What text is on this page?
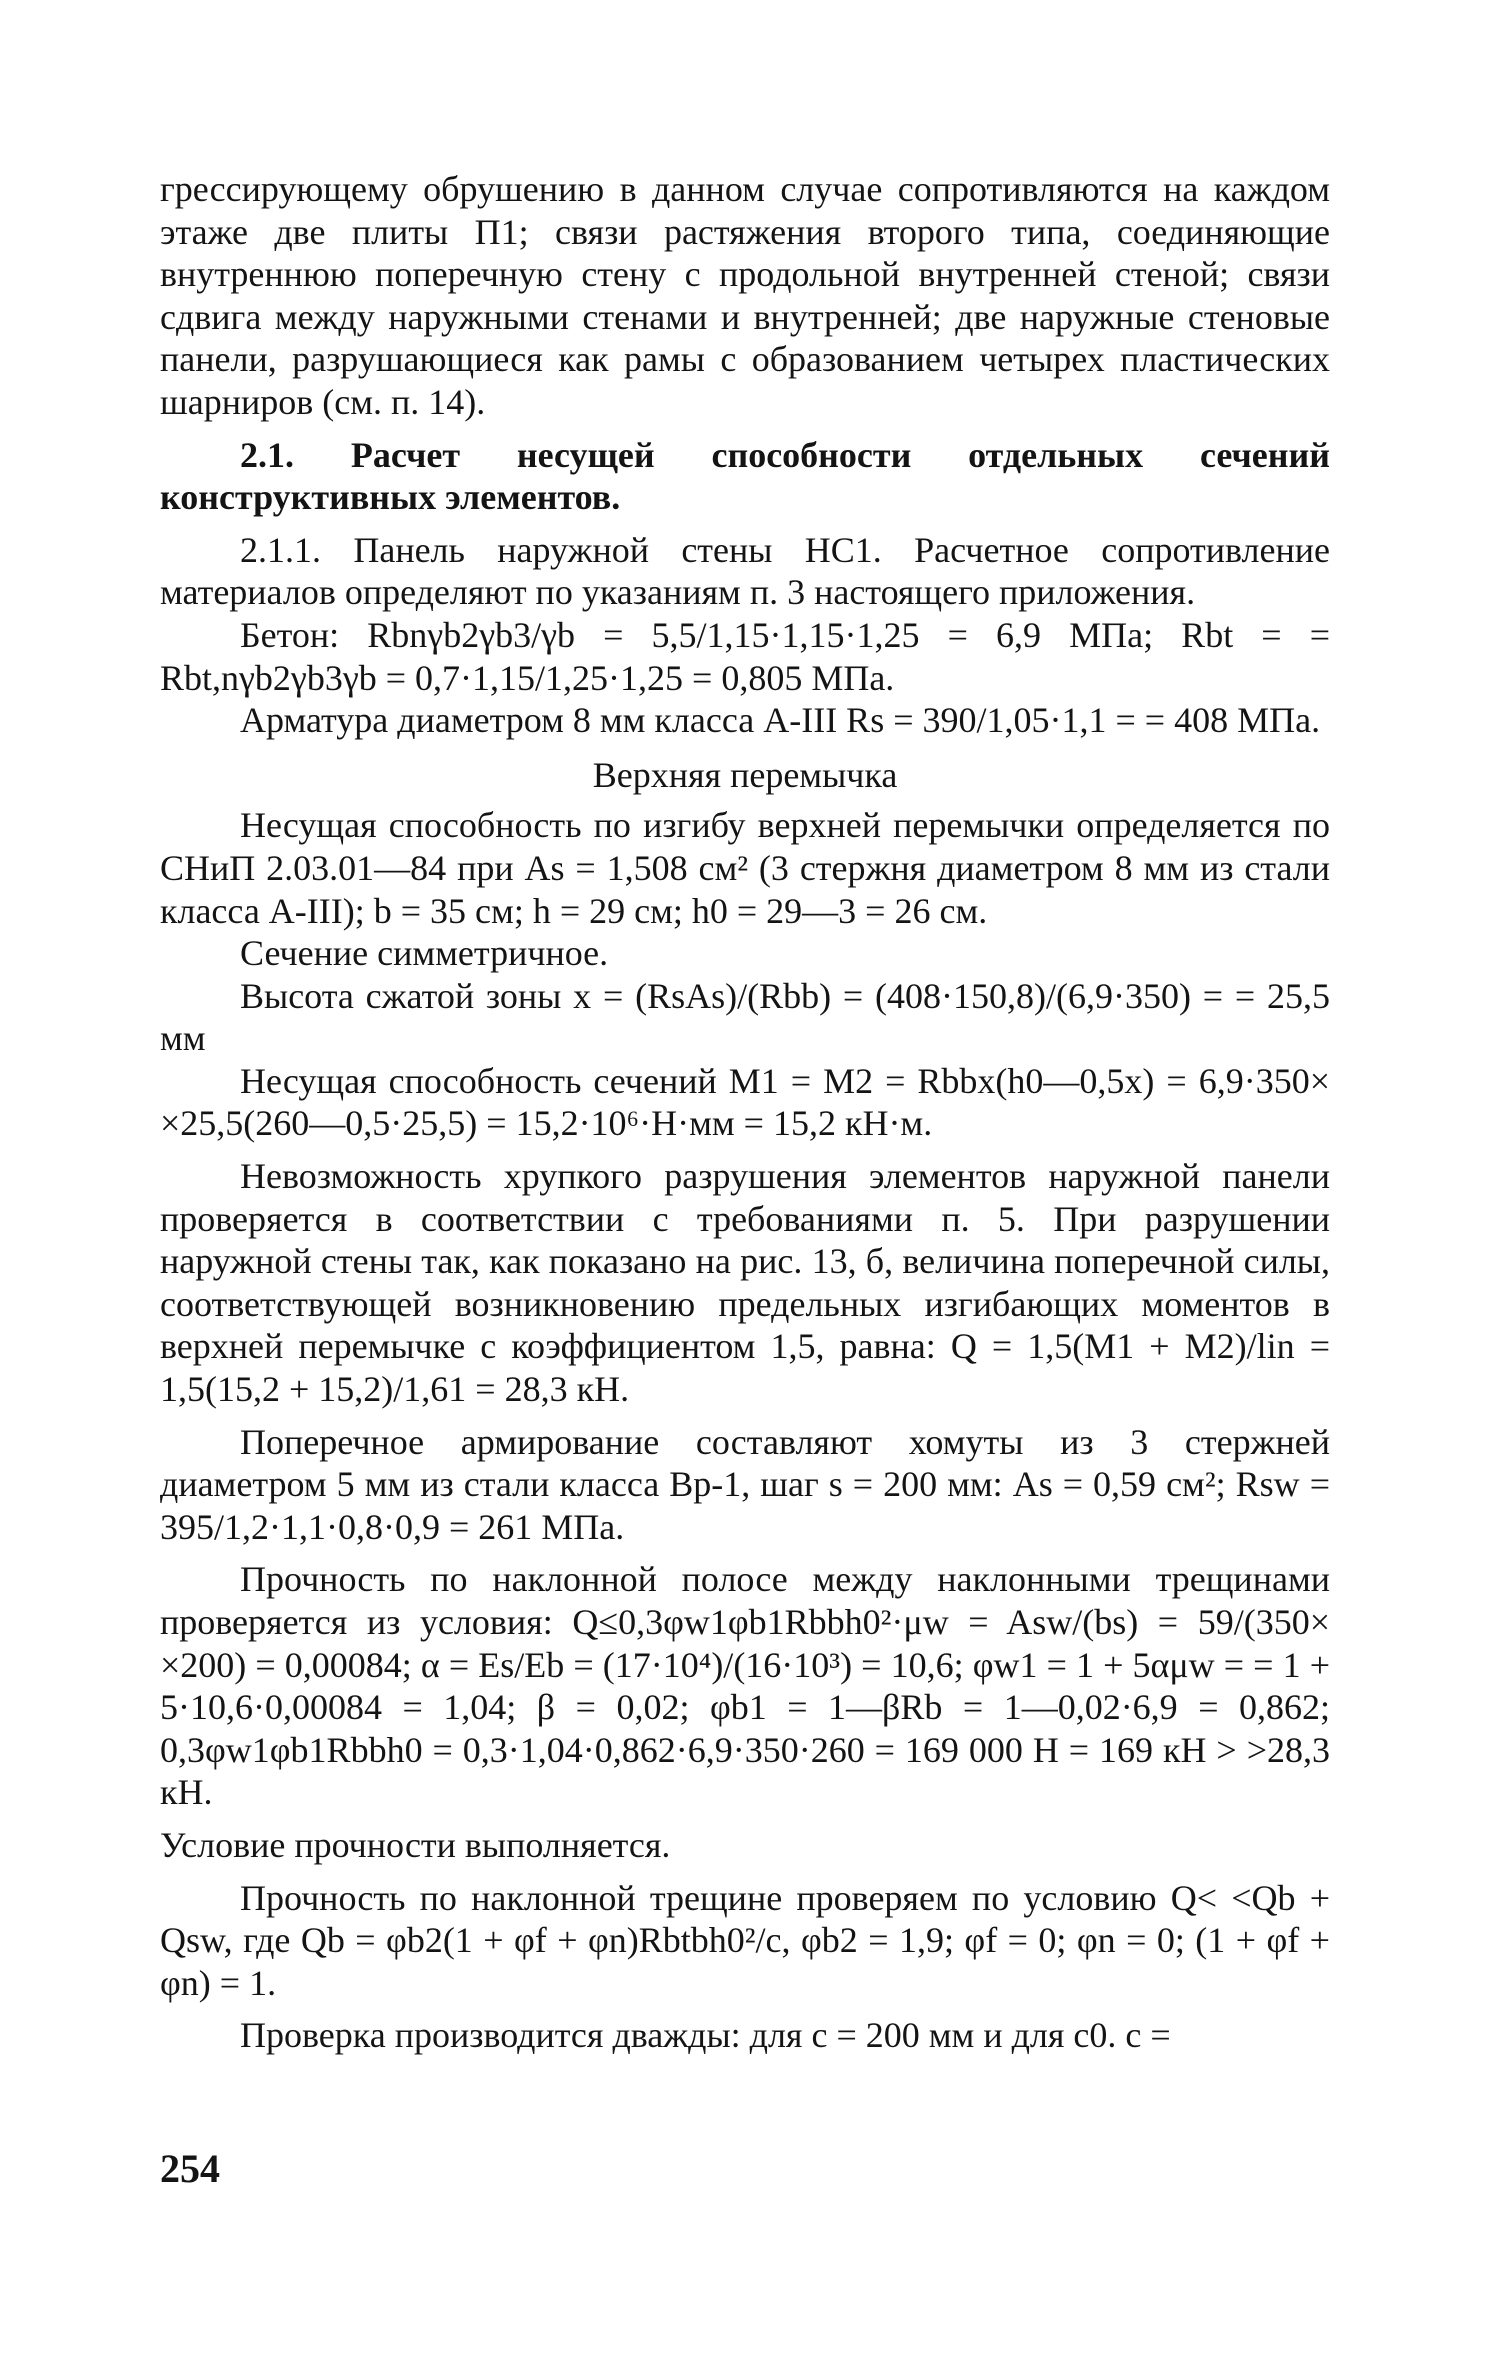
грессирующему обрушению в данном случае сопротивляются на каждом этаже две плиты П1; связи растяжения второго типа, соединяющие внутреннюю поперечную стену с продольной внутренней стеной; связи сдвига между наружными стенами и внутренней; две наружные стеновые панели, разрушающиеся как рамы с образованием четырех пластических шарниров (см. п. 14).

2.1. Расчет несущей способности отдельных сечений конструктивных элементов.

2.1.1. Панель наружной стены НС1. Расчетное сопротивление материалов определяют по указаниям п. 3 настоящего приложения.

Бетон: Rbnγb2γb3/γb = 5,5/1,15·1,15·1,25 = 6,9 МПа; Rbt = = Rbt,nγb2γb3γb = 0,7·1,15/1,25·1,25 = 0,805 МПа.

Арматура диаметром 8 мм класса А-III Rs = 390/1,05·1,1 = = 408 МПа.

Верхняя перемычка

Несущая способность по изгибу верхней перемычки определяется по СНиП 2.03.01—84 при As = 1,508 см² (3 стержня диаметром 8 мм из стали класса А-III); b = 35 см; h = 29 см; h0 = 29—3 = 26 см.

Сечение симметричное.

Высота сжатой зоны x = (RsAs)/(Rbb) = (408·150,8)/(6,9·350) = = 25,5 мм

Несущая способность сечений M1 = M2 = Rbbx(h0—0,5x) = 6,9·350× ×25,5(260—0,5·25,5) = 15,2·10⁶·Н·мм = 15,2 кН·м.

Невозможность хрупкого разрушения элементов наружной панели проверяется в соответствии с требованиями п. 5. При разрушении наружной стены так, как показано на рис. 13, б, величина поперечной силы, соответствующей возникновению предельных изгибающих моментов в верхней перемычке с коэффициентом 1,5, равна: Q = 1,5(M1 + M2)/lin = 1,5(15,2 + 15,2)/1,61 = 28,3 кН.

Поперечное армирование составляют хомуты из 3 стержней диаметром 5 мм из стали класса Вр-1, шаг s = 200 мм: As = 0,59 см²; Rsw = 395/1,2·1,1·0,8·0,9 = 261 МПа.

Прочность по наклонной полосе между наклонными трещинами проверяется из условия: Q≤0,3φw1φb1Rbbh0²·μw = Asw/(bs) = 59/(350× ×200) = 0,00084; α = Es/Eb = (17·10⁴)/(16·10³) = 10,6; φw1 = 1 + 5αμw = = 1 + 5·10,6·0,00084 = 1,04; β = 0,02; φb1 = 1—βRb = 1—0,02·6,9 = 0,862; 0,3φw1φb1Rbbh0 = 0,3·1,04·0,862·6,9·350·260 = 169 000 Н = 169 кН > >28,3 кН.

Условие прочности выполняется.

Прочность по наклонной трещине проверяем по условию Q< <Qb + Qsw, где Qb = φb2(1 + φf + φn)Rbtbh0²/c, φb2 = 1,9; φf = 0; φn = 0; (1 + φf + φn) = 1.

Проверка производится дважды: для c = 200 мм и для c0. c =

254
